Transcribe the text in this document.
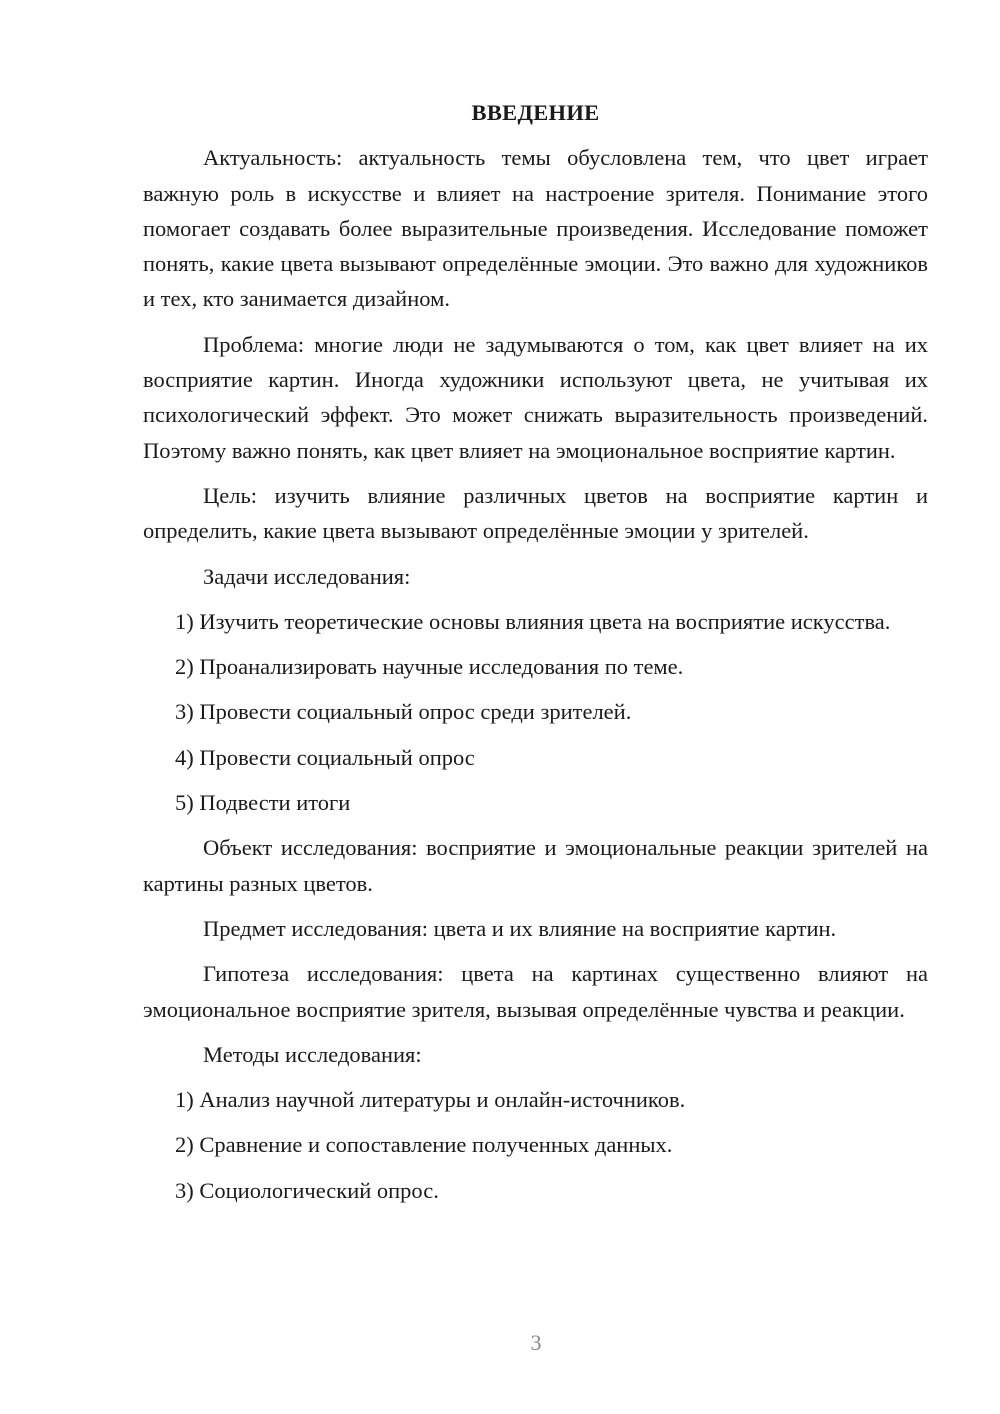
ВВЕДЕНИЕ

Актуальность: актуальность темы обусловлена тем, что цвет играет важную роль в искусстве и влияет на настроение зрителя. Понимание этого помогает создавать более выразительные произведения. Исследование поможет понять, какие цвета вызывают определённые эмоции. Это важно для художников и тех, кто занимается дизайном.

Проблема: многие люди не задумываются о том, как цвет влияет на их восприятие картин. Иногда художники используют цвета, не учитывая их психологический эффект. Это может снижать выразительность произведений. Поэтому важно понять, как цвет влияет на эмоциональное восприятие картин.

Цель: изучить влияние различных цветов на восприятие картин и определить, какие цвета вызывают определённые эмоции у зрителей.

Задачи исследования:

1) Изучить теоретические основы влияния цвета на восприятие искусства.

2) Проанализировать научные исследования по теме.

3) Провести социальный опрос среди зрителей.

4) Провести социальный опрос

5) Подвести итоги

Объект исследования: восприятие и эмоциональные реакции зрителей на картины разных цветов.

Предмет исследования: цвета и их влияние на восприятие картин.

Гипотеза исследования: цвета на картинах существенно влияют на эмоциональное восприятие зрителя, вызывая определённые чувства и реакции.

Методы исследования:

1) Анализ научной литературы и онлайн-источников.

2) Сравнение и сопоставление полученных данных.

3) Социологический опрос.

3
